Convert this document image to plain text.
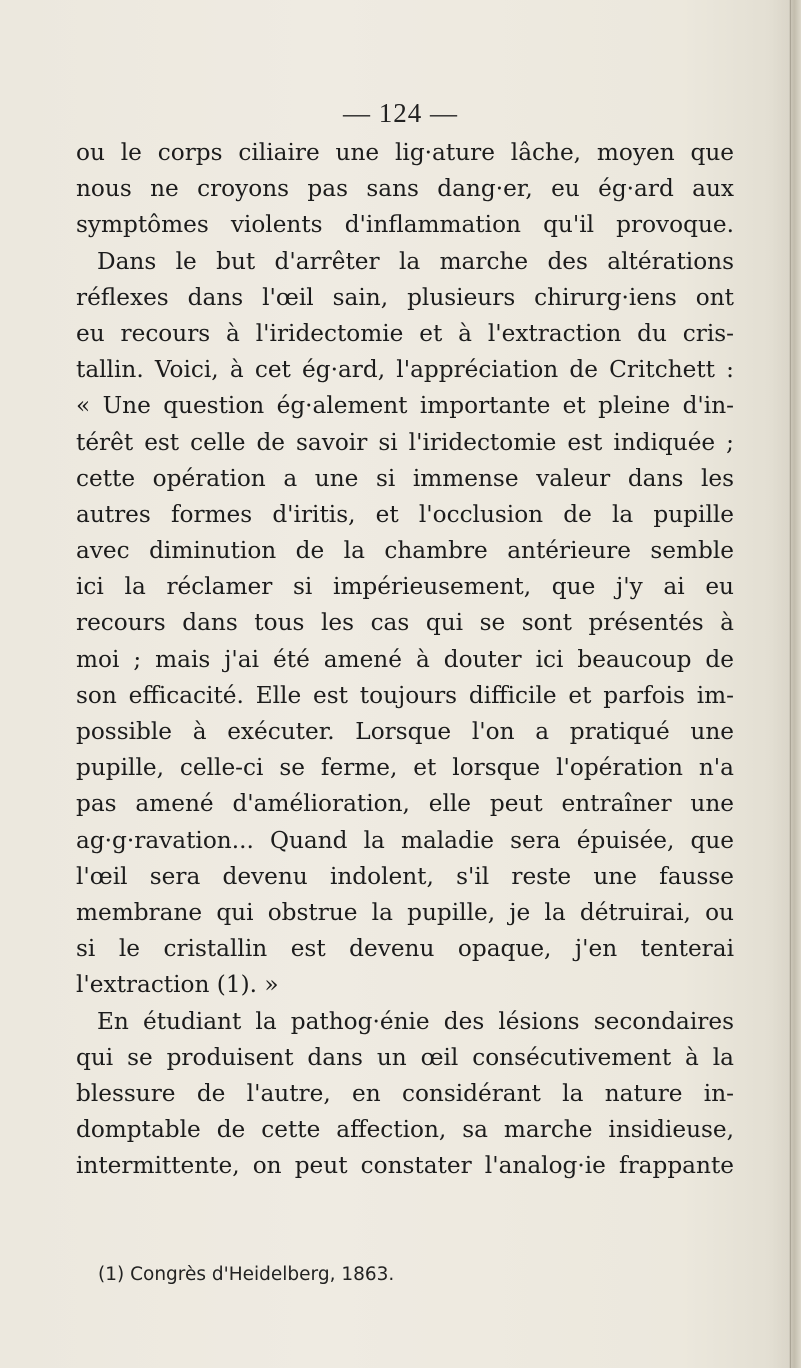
— 124 —
ou le corps ciliaire une lig·ature lâche, moyen que
nous ne croyons pas sans dang·er, eu ég·ard aux
symptômes violents d'inflammation qu'il provoque.
Dans le but d'arrêter la marche des altérations
réflexes dans l'œil sain, plusieurs chirurg·iens ont
eu recours à l'iridectomie et à l'extraction du cris-
tallin. Voici, à cet ég·ard, l'appréciation de Critchett :
« Une question ég·alement importante et pleine d'in-
térêt est celle de savoir si l'iridectomie est indiquée ;
cette opération a une si immense valeur dans les
autres formes d'iritis, et l'occlusion de la pupille
avec diminution de la chambre antérieure semble
ici la réclamer si impérieusement, que j'y ai eu
recours dans tous les cas qui se sont présentés à
moi ; mais j'ai été amené à douter ici beaucoup de
son efficacité. Elle est toujours difficile et parfois im-
possible à exécuter. Lorsque l'on a pratiqué une
pupille, celle-ci se ferme, et lorsque l'opération n'a
pas amené d'amélioration, elle peut entraîner une
ag·g·ravation... Quand la maladie sera épuisée, que
l'œil sera devenu indolent, s'il reste une fausse
membrane qui obstrue la pupille, je la détruirai, ou
si le cristallin est devenu opaque, j'en tenterai
l'extraction (1). »
En étudiant la pathog·énie des lésions secondaires
qui se produisent dans un œil consécutivement à la
blessure de l'autre, en considérant la nature in-
domptable de cette affection, sa marche insidieuse,
intermittente, on peut constater l'analog·ie frappante
(1) Congrès d'Heidelberg, 1863.
